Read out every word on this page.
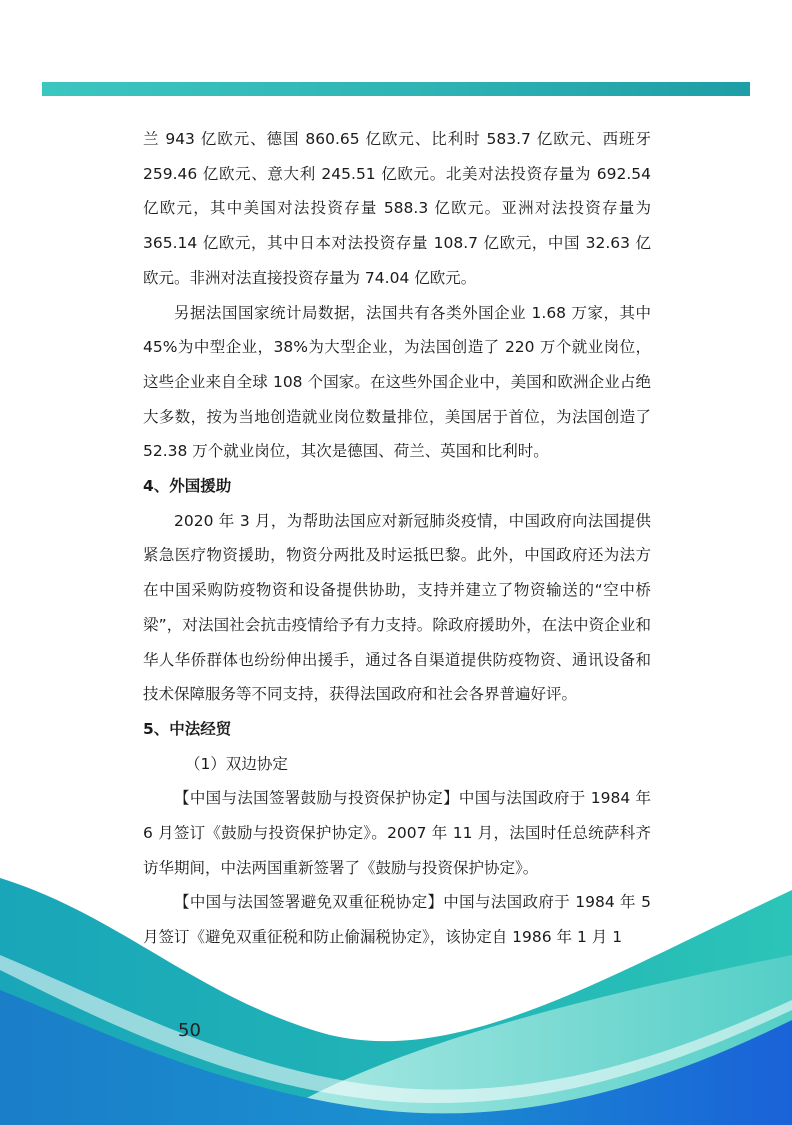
兰 943 亿欧元、德国 860.65 亿欧元、比利时 583.7 亿欧元、西班牙 259.46 亿欧元、意大利 245.51 亿欧元。北美对法投资存量为 692.54 亿欧元，其中美国对法投资存量 588.3 亿欧元。亚洲对法投资存量为 365.14 亿欧元，其中日本对法投资存量 108.7 亿欧元，中国 32.63 亿欧元。非洲对法直接投资存量为 74.04 亿欧元。

另据法国国家统计局数据，法国共有各类外国企业 1.68 万家，其中 45%为中型企业，38%为大型企业，为法国创造了 220 万个就业岗位，这些企业来自全球 108 个国家。在这些外国企业中，美国和欧洲企业占绝大多数，按为当地创造就业岗位数量排位，美国居于首位，为法国创造了 52.38 万个就业岗位，其次是德国、荷兰、英国和比利时。

4、外国援助

2020 年 3 月，为帮助法国应对新冠肺炎疫情，中国政府向法国提供紧急医疗物资援助，物资分两批及时运抵巴黎。此外，中国政府还为法方在中国采购防疫物资和设备提供协助，支持并建立了物资输送的“空中桥梁”，对法国社会抗击疫情给予有力支持。除政府援助外，在法中资企业和华人华侨群体也纷纷伸出援手，通过各自渠道提供防疫物资、通讯设备和技术保障服务等不同支持，获得法国政府和社会各界普遍好评。

5、中法经贸

（1）双边协定

【中国与法国签署鼓励与投资保护协定】中国与法国政府于 1984 年 6 月签订《鼓励与投资保护协定》。2007 年 11 月，法国时任总统萨科齐访华期间，中法两国重新签署了《鼓励与投资保护协定》。

【中国与法国签署避免双重征税协定】中国与法国政府于 1984 年 5 月签订《避免双重征税和防止偷漏税协定》，该协定自 1986 年 1 月 1

50
